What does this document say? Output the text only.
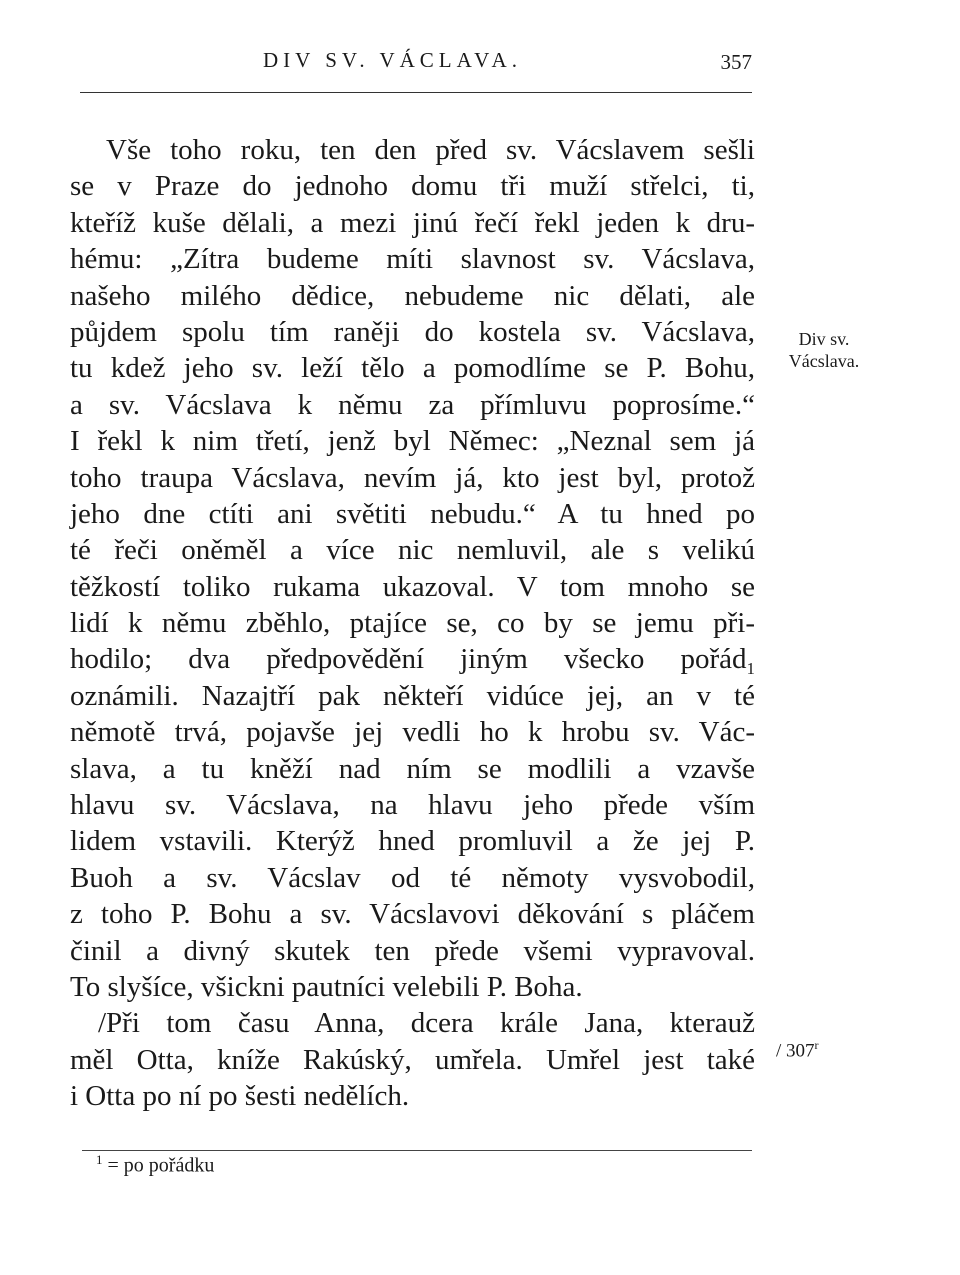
DIV SV. VÁCLAVA.	357
Vše toho roku, ten den před sv. Vácslavem sešli
se v Praze do jednoho domu tři muží střelci, ti,
kteříž kuše dělali, a mezi jinú řečí řekl jeden k dru-
hému: „Zítra budeme míti slavnost sv. Vácslava,
našeho milého dědice, nebudeme nic dělati, ale
půjdem spolu tím raněji do kostela sv. Vácslava,
tu kdež jeho sv. leží tělo a pomodlíme se P. Bohu,
a sv. Vácslava k němu za přímluvu poprosíme.“
I řekl k nim třetí, jenž byl Němec: „Neznal sem já
toho traupa Vácslava, nevím já, kto jest byl, protož
jeho dne ctíti ani světiti nebudu.“ A tu hned po
té řeči oněměl a více nic nemluvil, ale s velikú
těžkostí toliko rukama ukazoval. V tom mnoho se
lidí k němu zběhlo, ptajíce se, co by se jemu při-
hodilo; dva předpovědění jiným všecko pořád$_1$
oznámili. Nazajtří pak někteří vidúce jej, an v té
němotě trvá, pojavše jej vedli ho k hrobu sv. Vác-
slava, a tu kněží nad ním se modlili a vzavše
hlavu sv. Vácslava, na hlavu jeho přede vším
lidem vstavili. Kterýž hned promluvil a že jej P.
Buoh a sv. Vácslav od té němoty vysvobodil,
z toho P. Bohu a sv. Vácslavovi děkování s pláčem
činil a divný skutek ten přede všemi vypravoval.
To slyšíce, všickni pautníci velebili P. Boha.
/Při tom času Anna, dcera krále Jana, kterauž
měl Otta, kníže Rakúský, umřela. Umřel jest také
i Otta po ní po šesti nedělích.
Div sv.
Vácslava.
/ 307$^r$
$^1$ = po pořádku
